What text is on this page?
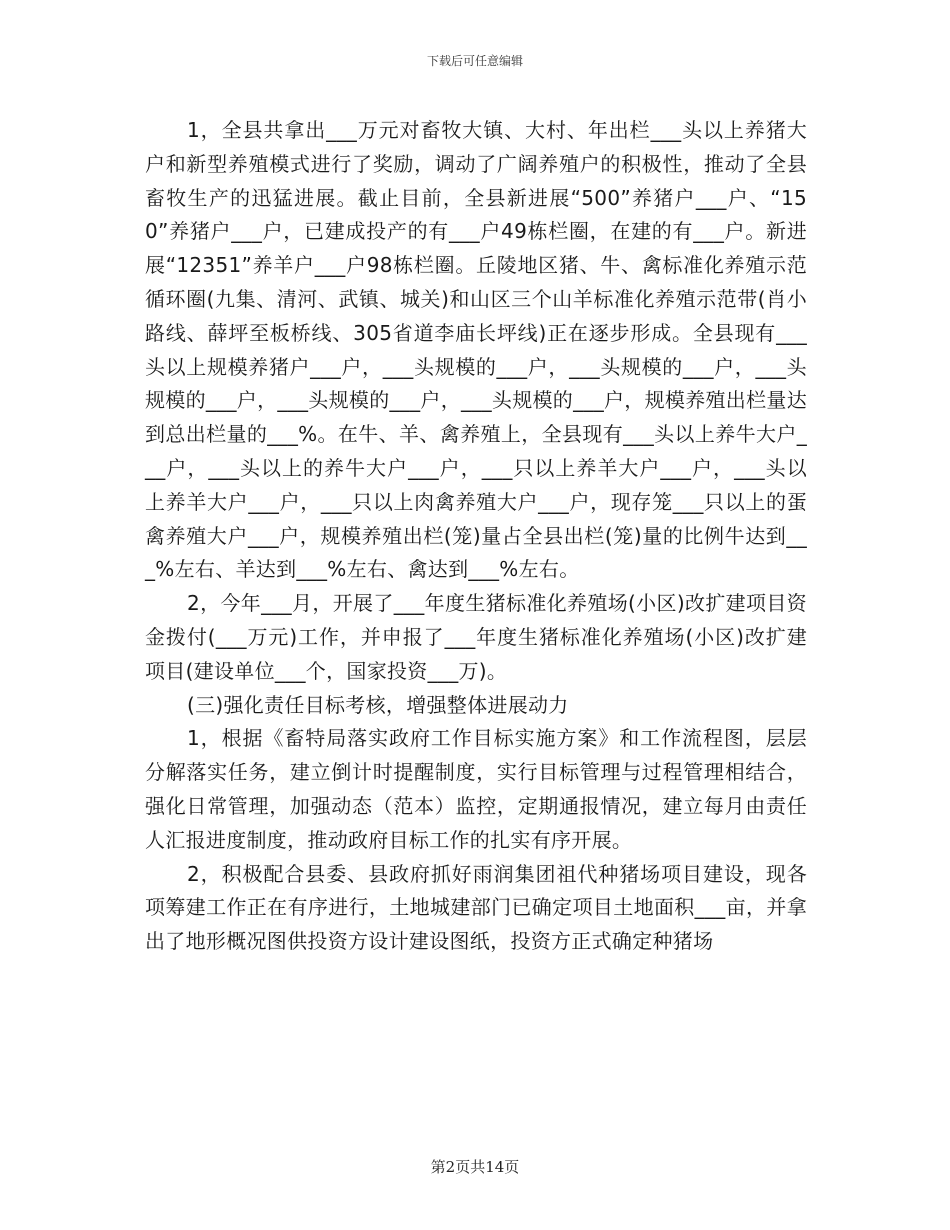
下载后可任意编辑

1，全县共拿出___万元对畜牧大镇、大村、年出栏___头以上养猪大户和新型养殖模式进行了奖励，调动了广阔养殖户的积极性，推动了全县畜牧生产的迅猛进展。截止目前，全县新进展“500”养猪户___户、“150”养猪户___户，已建成投产的有___户49栋栏圈，在建的有___户。新进展“12351”养羊户___户98栋栏圈。丘陵地区猪、牛、禽标准化养殖示范循环圈(九集、清河、武镇、城关)和山区三个山羊标准化养殖示范带(肖小路线、薛坪至板桥线、305省道李庙长坪线)正在逐步形成。全县现有___头以上规模养猪户___户，___头规模的___户，___头规模的___户，___头规模的___户，___头规模的___户，___头规模的___户，规模养殖出栏量达到总出栏量的___%。在牛、羊、禽养殖上，全县现有___头以上养牛大户___户，___头以上的养牛大户___户，___只以上养羊大户___户，___头以上养羊大户___户，___只以上肉禽养殖大户___户，现存笼___只以上的蛋禽养殖大户___户，规模养殖出栏(笼)量占全县出栏(笼)量的比例牛达到___%左右、羊达到___%左右、禽达到___%左右。

2，今年___月，开展了___年度生猪标准化养殖场(小区)改扩建项目资金拨付(___万元)工作，并申报了___年度生猪标准化养殖场(小区)改扩建项目(建设单位___个，国家投资___万)。

(三)强化责任目标考核，增强整体进展动力

1，根据《畜特局落实政府工作目标实施方案》和工作流程图，层层分解落实任务，建立倒计时提醒制度，实行目标管理与过程管理相结合，强化日常管理，加强动态（范本）监控，定期通报情况，建立每月由责任人汇报进度制度，推动政府目标工作的扎实有序开展。

2，积极配合县委、县政府抓好雨润集团祖代种猪场项目建设，现各项筹建工作正在有序进行，土地城建部门已确定项目土地面积___亩，并拿出了地形概况图供投资方设计建设图纸，投资方正式确定种猪场

第2页共14页
